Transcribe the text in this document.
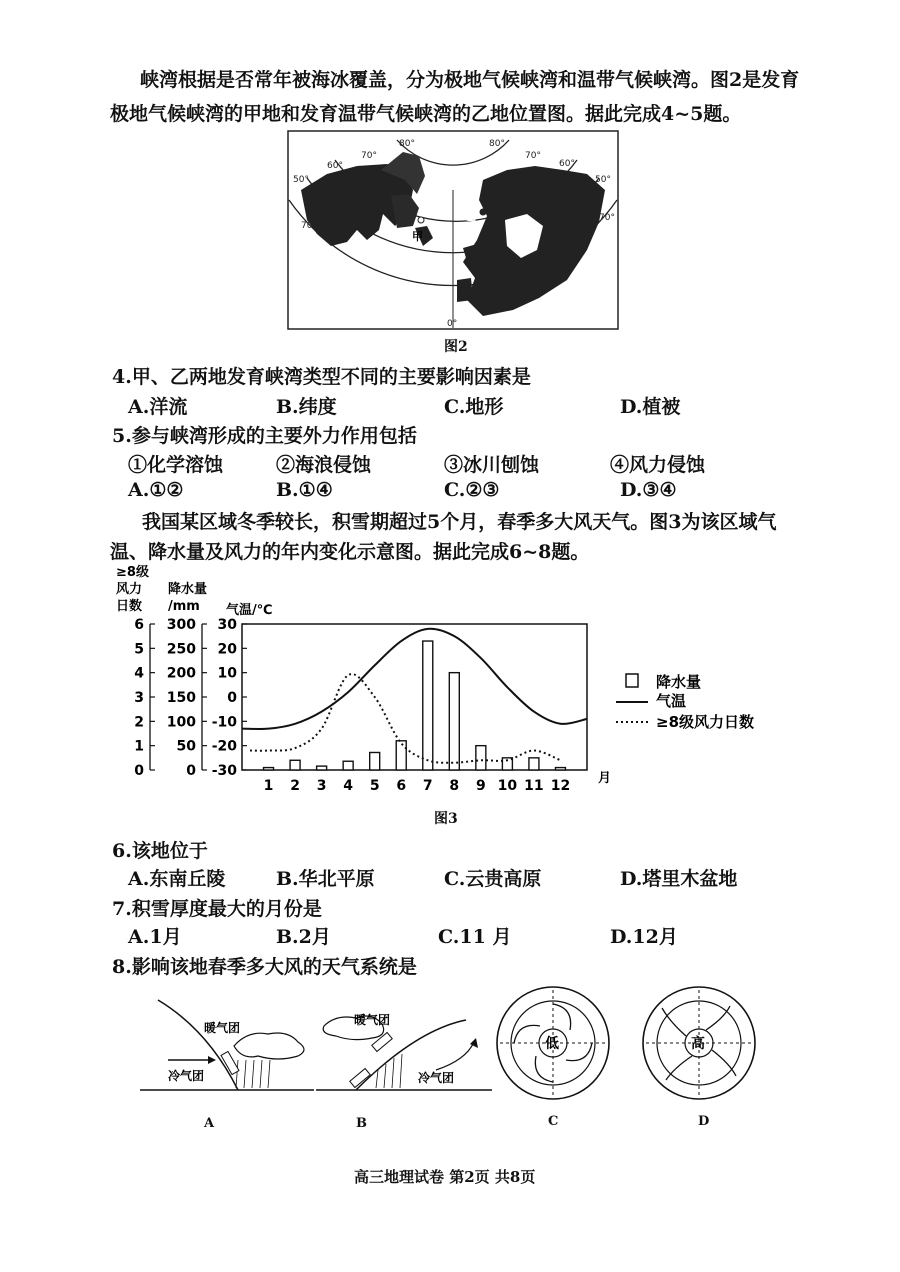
峡湾根据是否常年被海冰覆盖，分为极地气候峡湾和温带气候峡湾。图2是发育
极地气候峡湾的甲地和发育温带气候峡湾的乙地位置图。据此完成4~5题。
甲
乙
80°
70°
60°
50°
70°
80°
70°
60°
50°
70°
0°
图2
4.甲、乙两地发育峡湾类型不同的主要影响因素是
A.洋流	B.纬度	C.地形	D.植被
5.参与峡湾形成的主要外力作用包括
①化学溶蚀	②海浪侵蚀	③冰川刨蚀	④风力侵蚀
A.①②	B.①④	C.②③	D.③④
我国某区域冬季较长，积雪期超过5个月，春季多大风天气。图3为该区域气
温、降水量及风力的年内变化示意图。据此完成6~8题。
≥8级
风力
日数
降水量
/mm 气温/℃
6
5
4
3
2
1
0
300
250
200
150
100
50
0
30
20
10
0
-10
-20
-30
1 2 3 4 5 6 7 8 9 10 11 12 月
降水量
气温
≥8级风力日数
图3
6.该地位于
A.东南丘陵	B.华北平原	C.云贵高原	D.塔里木盆地
7.积雪厚度最大的月份是
A.1月	B.2月	C.11 月	D.12月
8.影响该地春季多大风的天气系统是
暖气团
冷气团
暖气团
冷气团
低	高
A	B	C	D
高三地理试卷 第2页 共8页
